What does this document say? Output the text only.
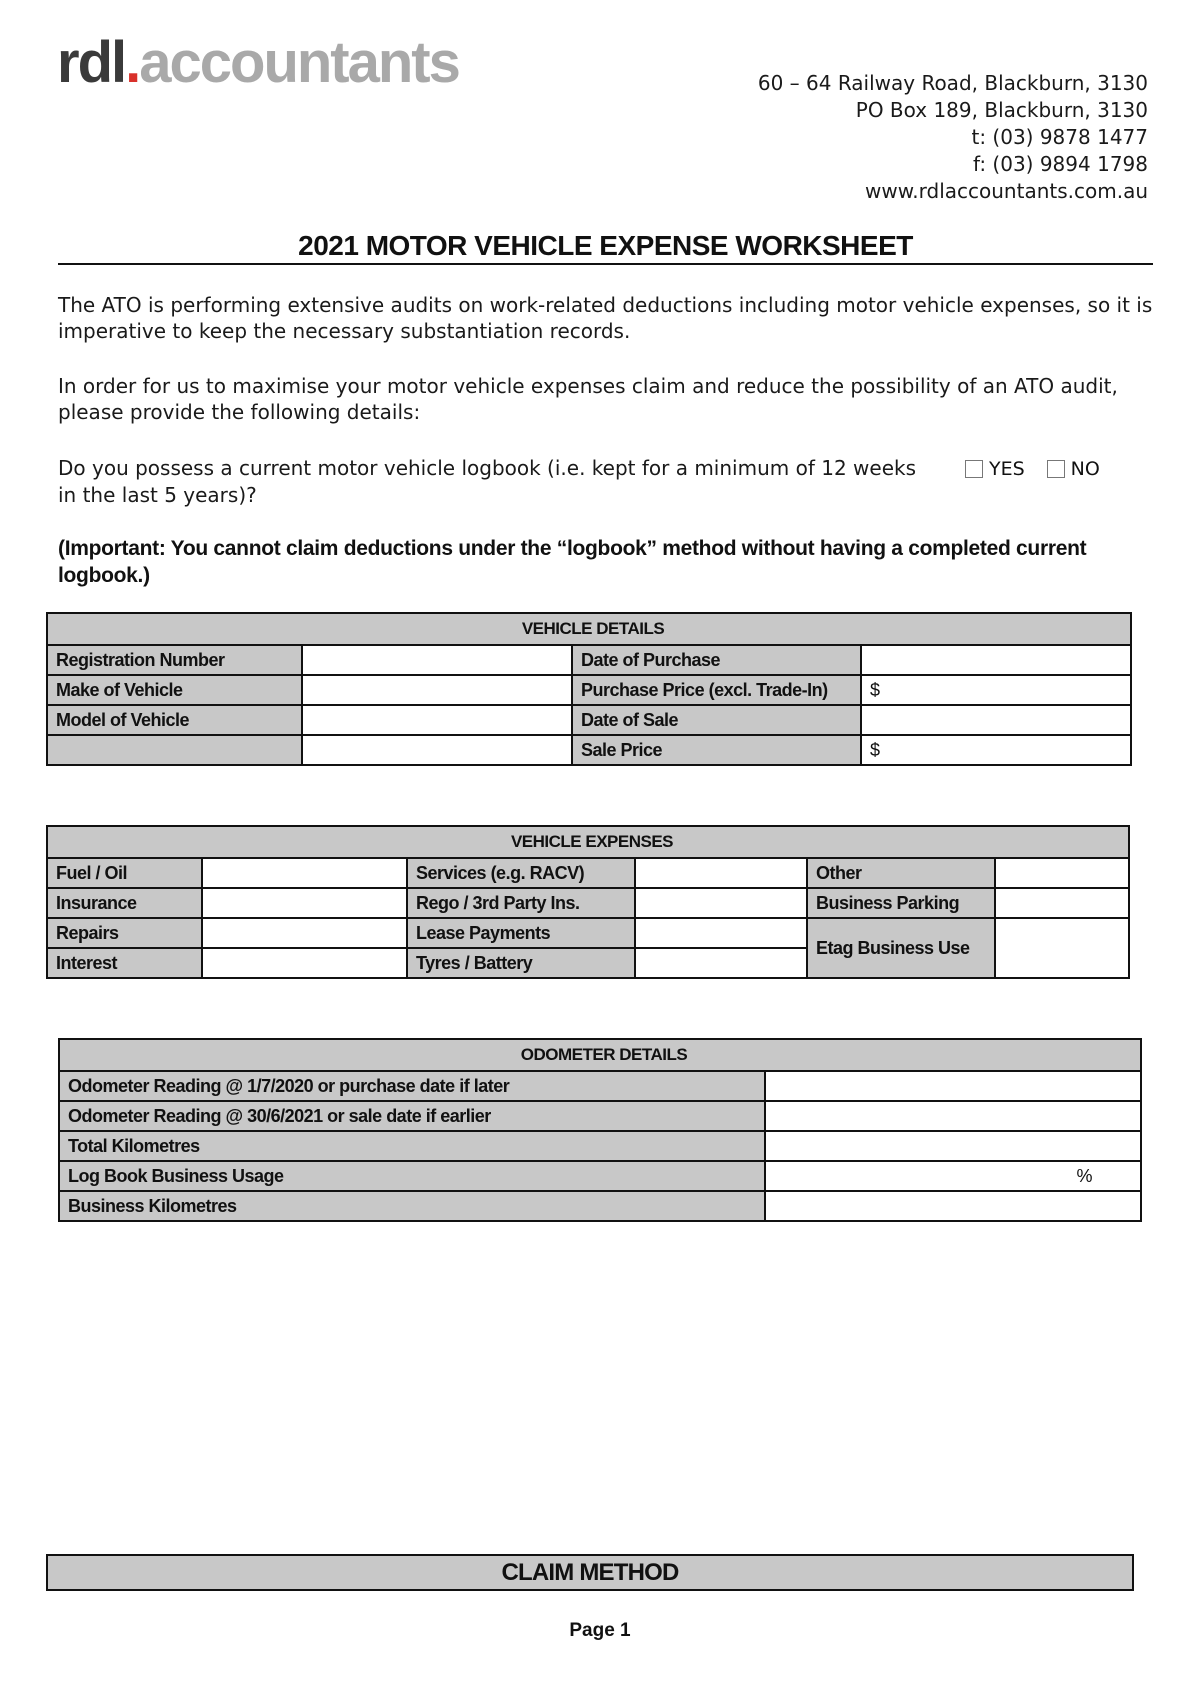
rdl.accountants	60 – 64 Railway Road, Blackburn, 3130
PO Box 189, Blackburn, 3130
t: (03) 9878 1477
f: (03) 9894 1798
www.rdlaccountants.com.au
2021 MOTOR VEHICLE EXPENSE WORKSHEET
The ATO is performing extensive audits on work-related deductions including motor vehicle expenses, so it is imperative to keep the necessary substantiation records.
In order for us to maximise your motor vehicle expenses claim and reduce the possibility of an ATO audit, please provide the following details:
Do you possess a current motor vehicle logbook (i.e. kept for a minimum of 12 weeks in the last 5 years)?
YES NO
(Important: You cannot claim deductions under the “logbook” method without having a completed current logbook.)
VEHICLE DETAILS			
Registration Number		Date of Purchase	
Make of Vehicle		Purchase Price (excl. Trade-In)	$
Model of Vehicle		Date of Sale	
		Sale Price	$
VEHICLE EXPENSES					
Fuel / Oil		Services (e.g. RACV)		Other	
Insurance		Rego / 3rd Party Ins.		Business Parking	
Repairs		Lease Payments		Etag Business Use	
Interest		Tyres / Battery			
ODOMETER DETAILS	
Odometer Reading @ 1/7/2020 or purchase date if later	
Odometer Reading @ 30/6/2021 or sale date if earlier	
Total Kilometres	
Log Book Business Usage	%
Business Kilometres	
CLAIM METHOD
Page 1
